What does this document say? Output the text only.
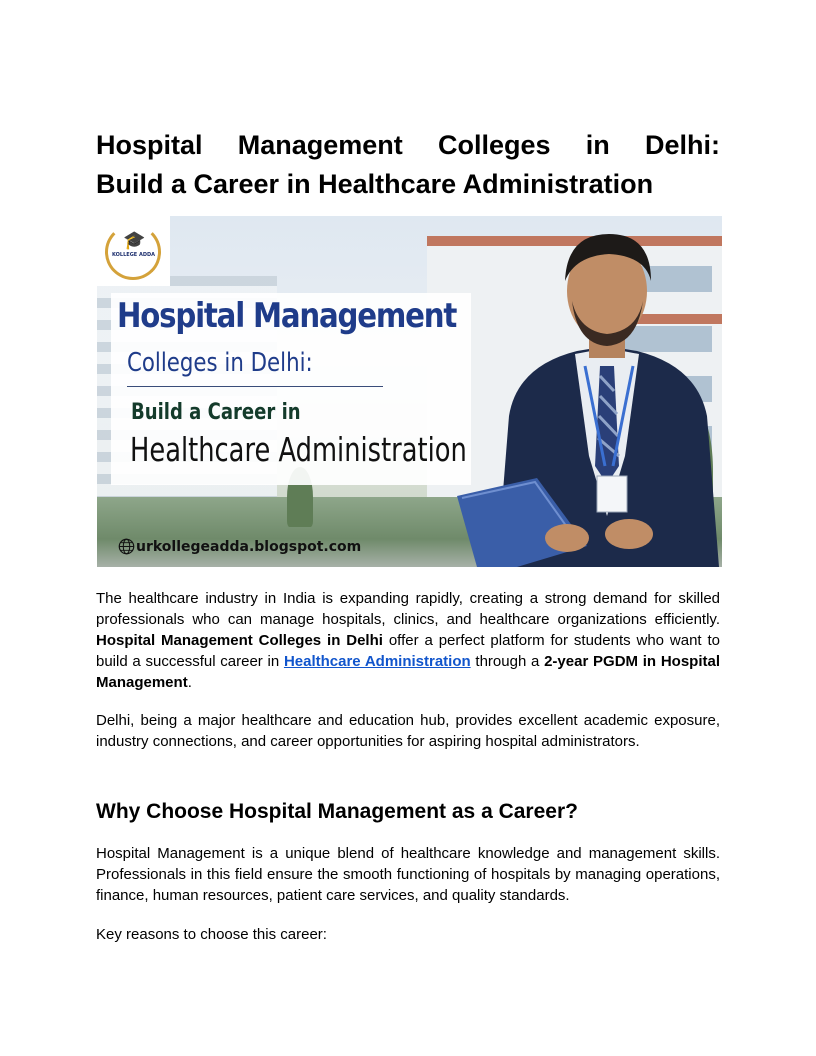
Hospital Management Colleges in Delhi:
Build a Career in Healthcare Administration
Hospital Management
Colleges in Delhi:
Build a Career in
Healthcare Administration
🎓
KOLLEGE ADDA
urkollegeadda.blogspot.com

The healthcare industry in India is expanding rapidly, creating a strong demand for skilled professionals who can manage hospitals, clinics, and healthcare organizations efficiently. Hospital Management Colleges in Delhi offer a perfect platform for students who want to build a successful career in Healthcare Administration through a 2-year PGDM in Hospital Management.

Delhi, being a major healthcare and education hub, provides excellent academic exposure, industry connections, and career opportunities for aspiring hospital administrators.

Why Choose Hospital Management as a Career?

Hospital Management is a unique blend of healthcare knowledge and management skills. Professionals in this field ensure the smooth functioning of hospitals by managing operations, finance, human resources, patient care services, and quality standards.

Key reasons to choose this career:
